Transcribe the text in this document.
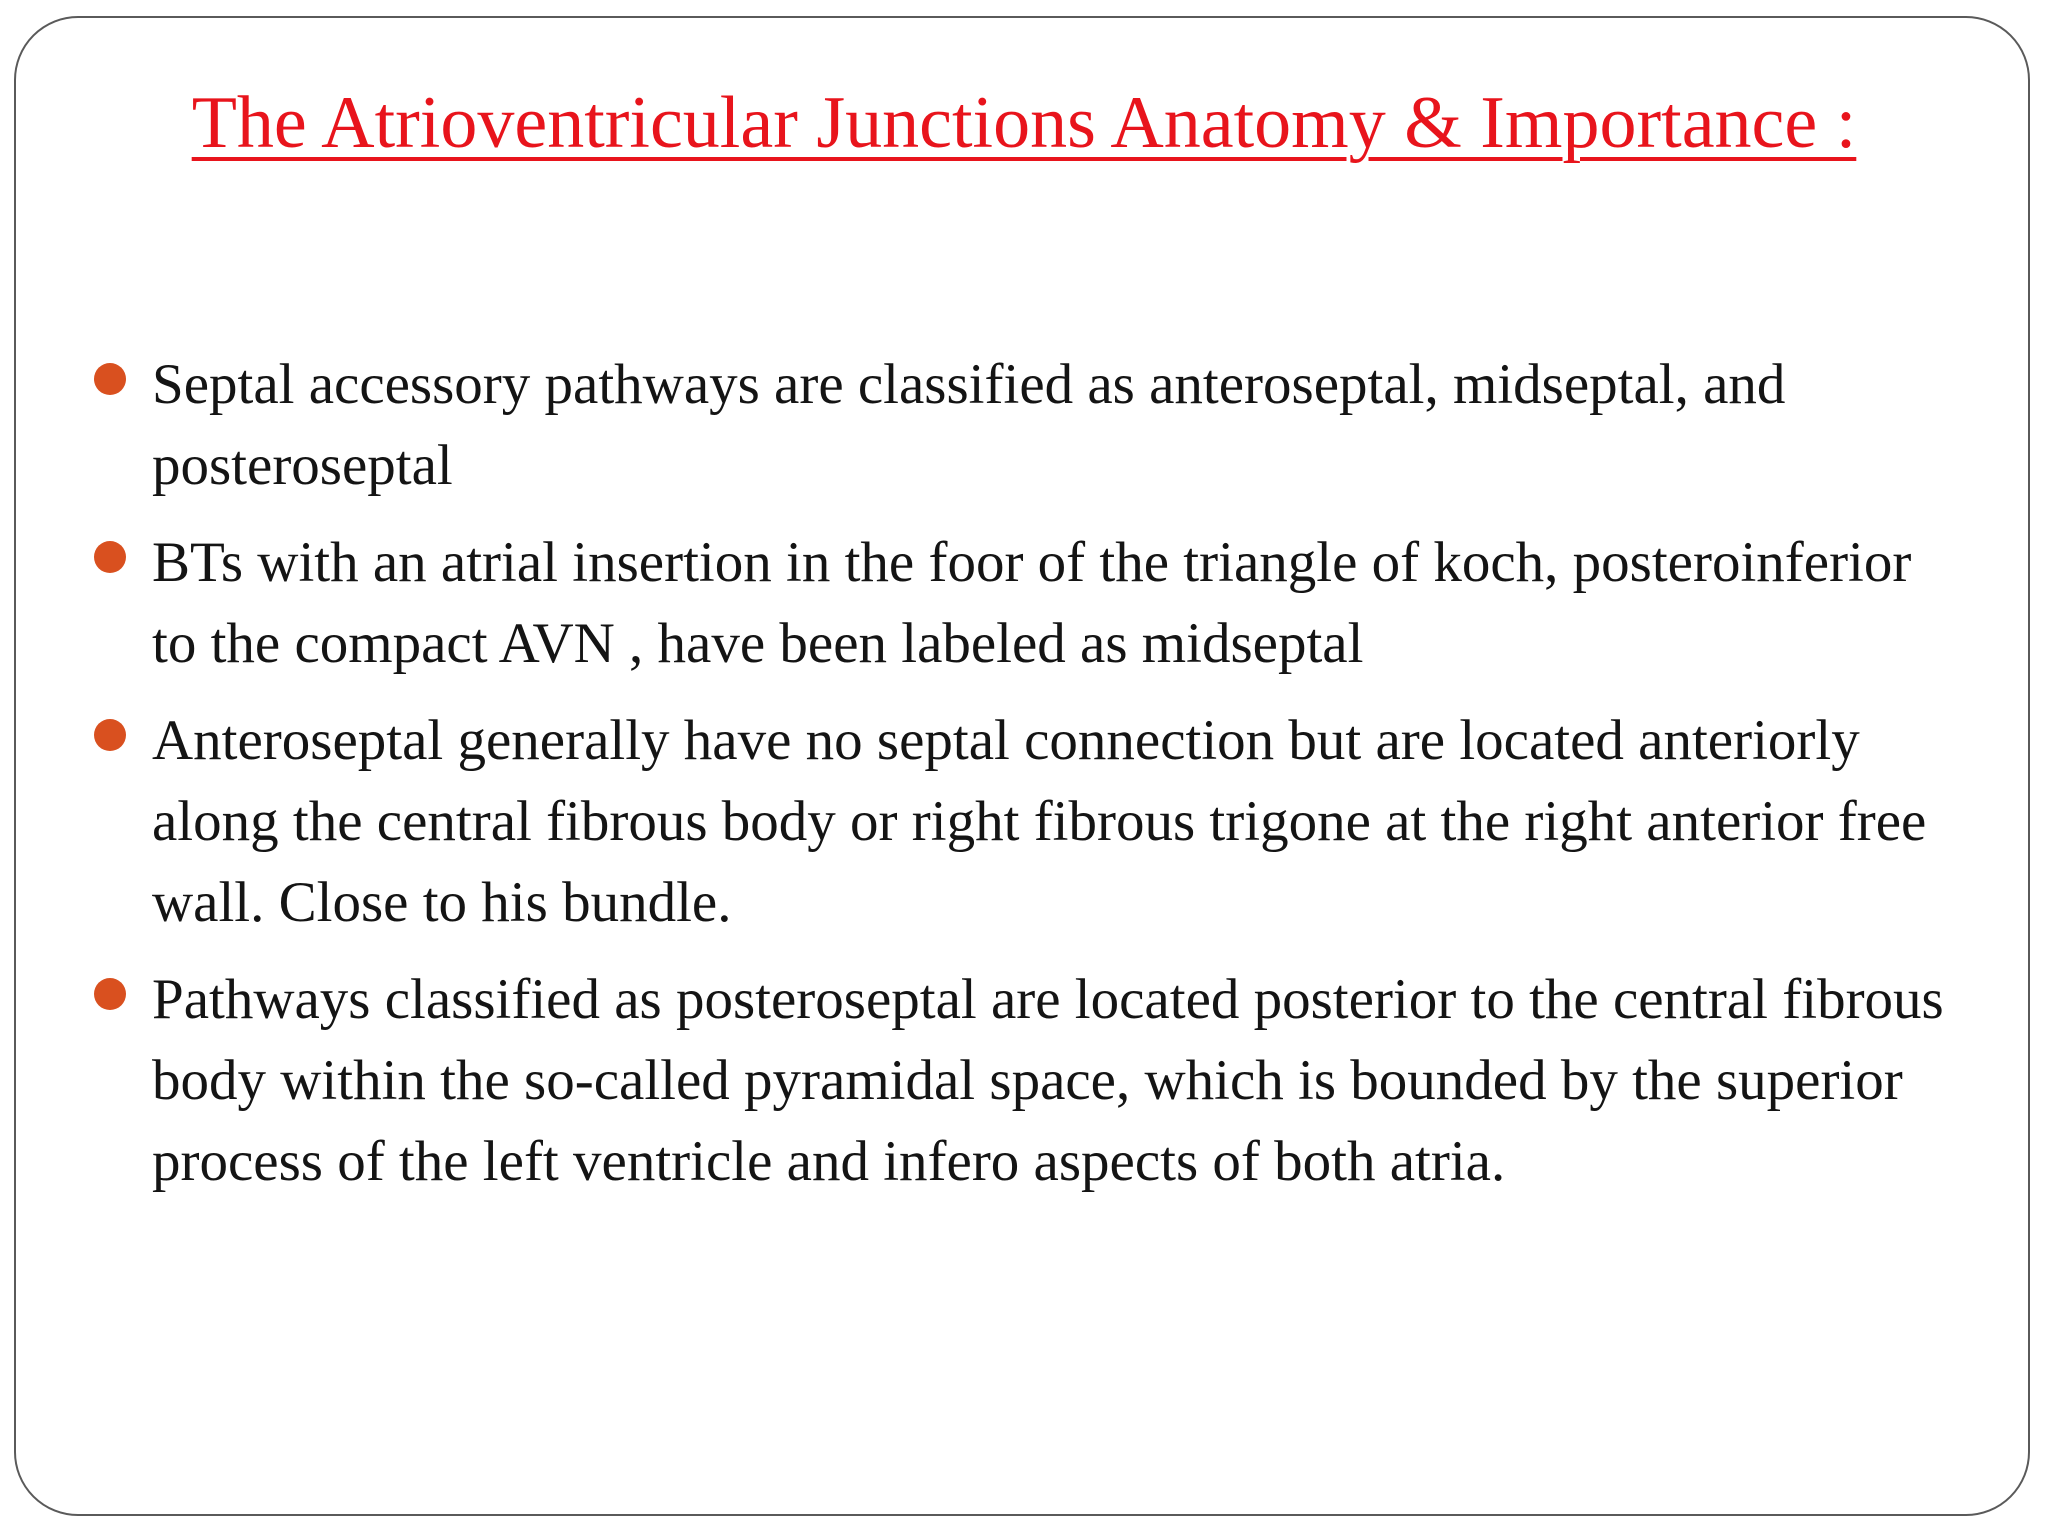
The Atrioventricular Junctions Anatomy & Importance :
Septal accessory pathways are classified as anteroseptal, midseptal, and posteroseptal
BTs with an atrial insertion in the foor of the triangle of koch, posteroinferior to the compact AVN , have been labeled as midseptal
Anteroseptal generally have no septal connection but are located anteriorly along the central fibrous body or right fibrous trigone at the right anterior free wall. Close to his bundle.
Pathways classified as posteroseptal are located posterior to the central fibrous body within the so-called pyramidal space, which is bounded by the superior process of the left ventricle and infero aspects of both atria.
